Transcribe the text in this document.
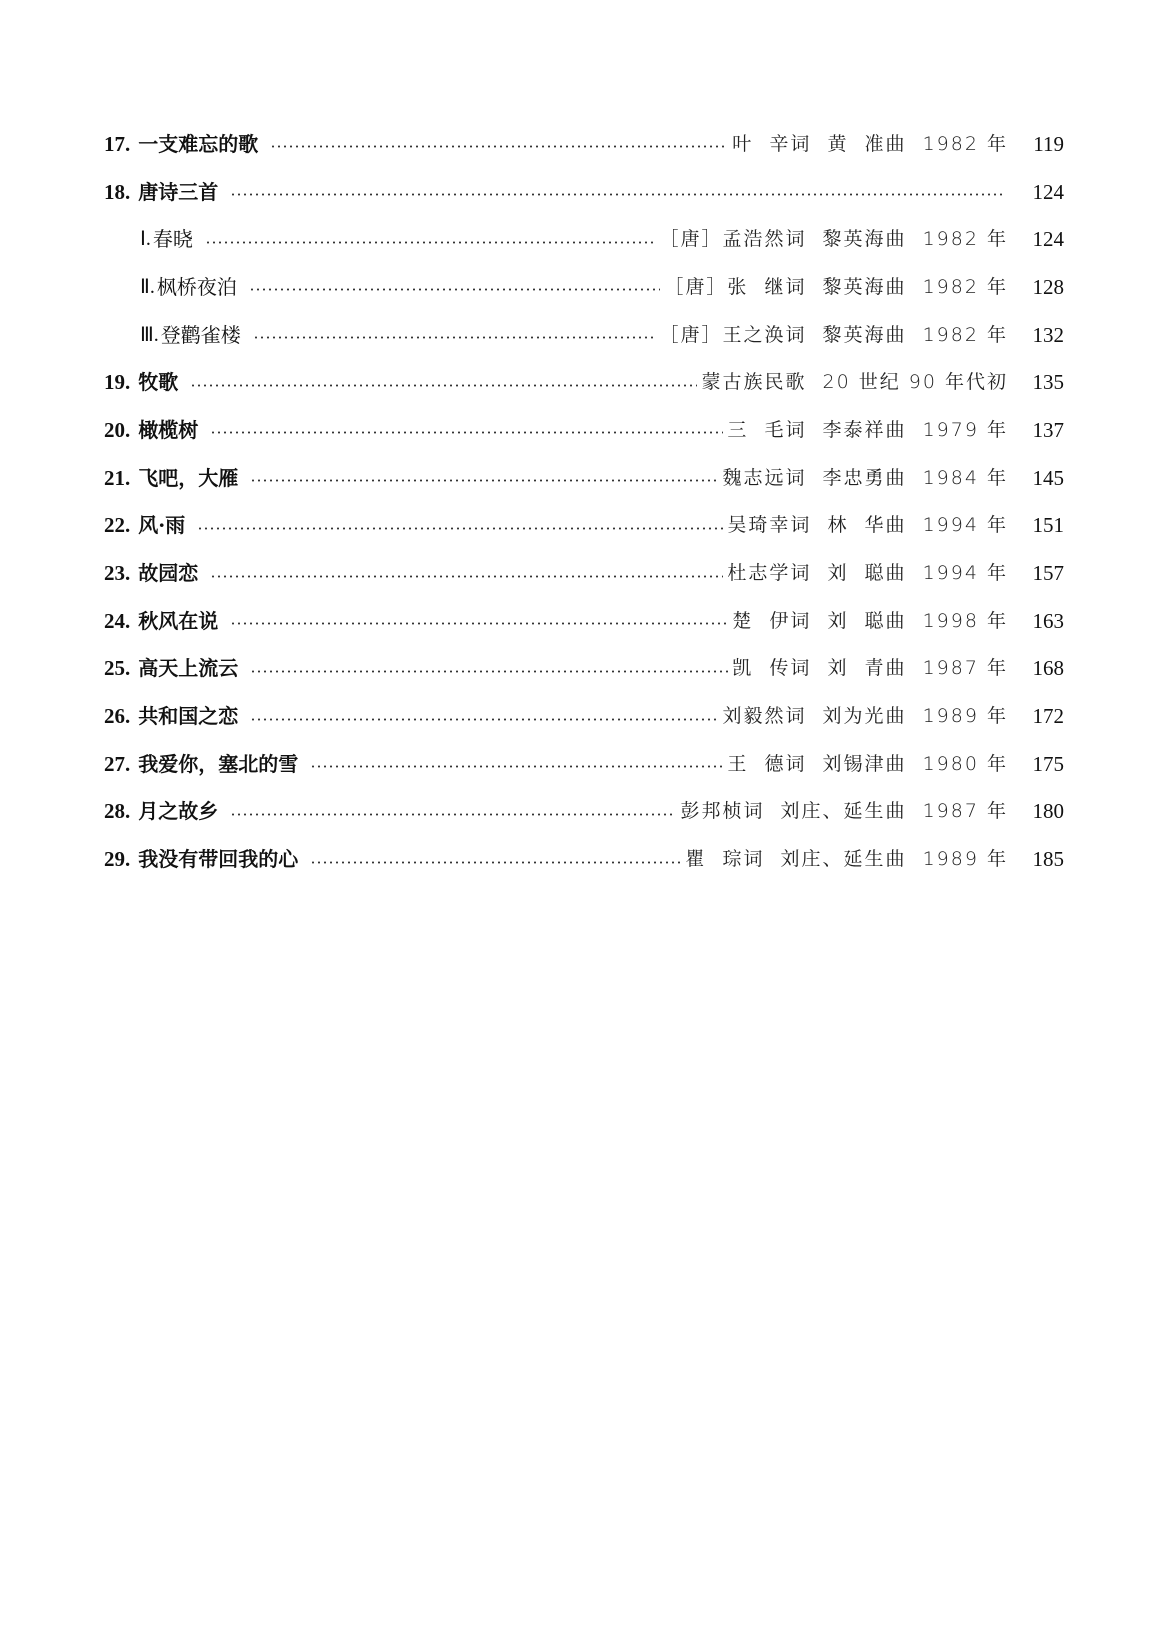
17. 一支难忘的歌	叶  辛词  黄  准曲  1982 年	119
18. 唐诗三首	124
Ⅰ. 春晓	［唐］孟浩然词  黎英海曲  1982 年	124
Ⅱ. 枫桥夜泊	［唐］张  继词  黎英海曲  1982 年	128
Ⅲ. 登鹳雀楼	［唐］王之涣词  黎英海曲  1982 年	132
19. 牧歌	蒙古族民歌  20 世纪 90 年代初	135
20. 橄榄树	三  毛词  李泰祥曲  1979 年	137
21. 飞吧，大雁	魏志远词  李忠勇曲  1984 年	145
22. 风·雨	吴琦幸词  林  华曲  1994 年	151
23. 故园恋	杜志学词  刘  聪曲  1994 年	157
24. 秋风在说	楚  伊词  刘  聪曲  1998 年	163
25. 高天上流云	凯  传词  刘  青曲  1987 年	168
26. 共和国之恋	刘毅然词  刘为光曲  1989 年	172
27. 我爱你，塞北的雪	王  德词  刘锡津曲  1980 年	175
28. 月之故乡	彭邦桢词  刘庄、延生曲  1987 年	180
29. 我没有带回我的心	瞿  琮词  刘庄、延生曲  1989 年	185
